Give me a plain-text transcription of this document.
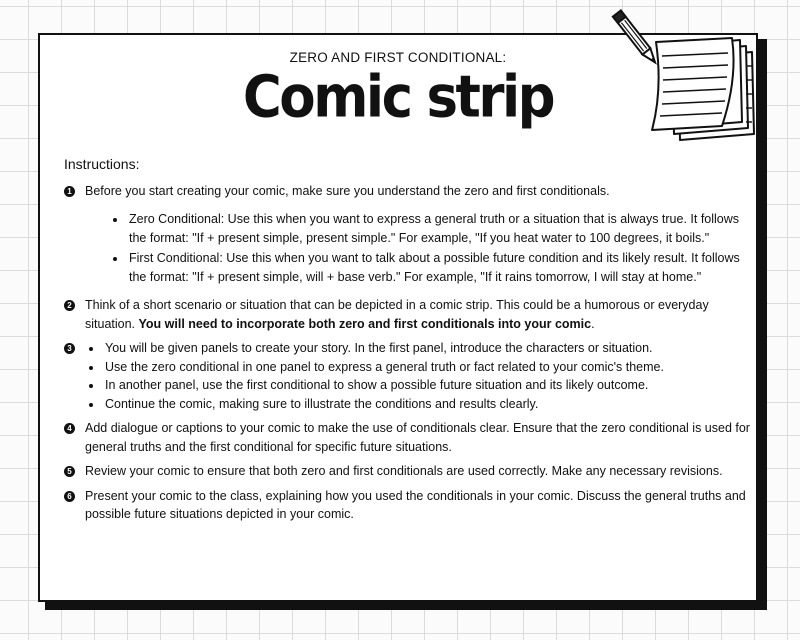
ZERO AND FIRST CONDITIONAL:
Comic strip
Instructions:
1 Before you start creating your comic, make sure you understand the zero and first conditionals.
• Zero Conditional: Use this when you want to express a general truth or a situation that is always true. It follows the format: "If + present simple, present simple." For example, "If you heat water to 100 degrees, it boils."
• First Conditional: Use this when you want to talk about a possible future condition and its likely result. It follows the format: "If + present simple, will + base verb." For example, "If it rains tomorrow, I will stay at home."
2 Think of a short scenario or situation that can be depicted in a comic strip. This could be a humorous or everyday situation. You will need to incorporate both zero and first conditionals into your comic.
3
•	You will be given panels to create your story. In the first panel, introduce the characters or situation.
• Use the zero conditional in one panel to express a general truth or fact related to your comic's theme.
• In another panel, use the first conditional to show a possible future situation and its likely outcome.
• Continue the comic, making sure to illustrate the conditions and results clearly.
4 Add dialogue or captions to your comic to make the use of conditionals clear. Ensure that the zero conditional is used for general truths and the first conditional for specific future situations.
5 Review your comic to ensure that both zero and first conditionals are used correctly. Make any necessary revisions.
6 Present your comic to the class, explaining how you used the conditionals in your comic. Discuss the general truths and possible future situations depicted in your comic.
